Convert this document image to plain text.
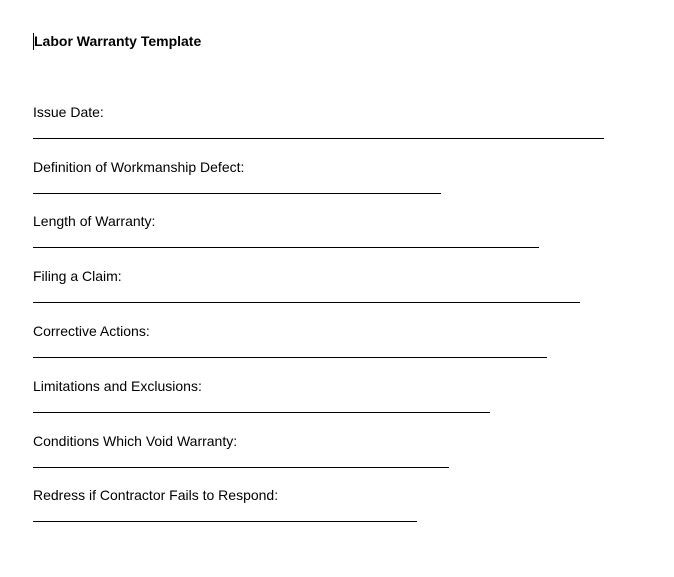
Labor Warranty Template
Issue Date:
Definition of Workmanship Defect:
Length of Warranty:
Filing a Claim:
Corrective Actions:
Limitations and Exclusions:
Conditions Which Void Warranty:
Redress if Contractor Fails to Respond:
